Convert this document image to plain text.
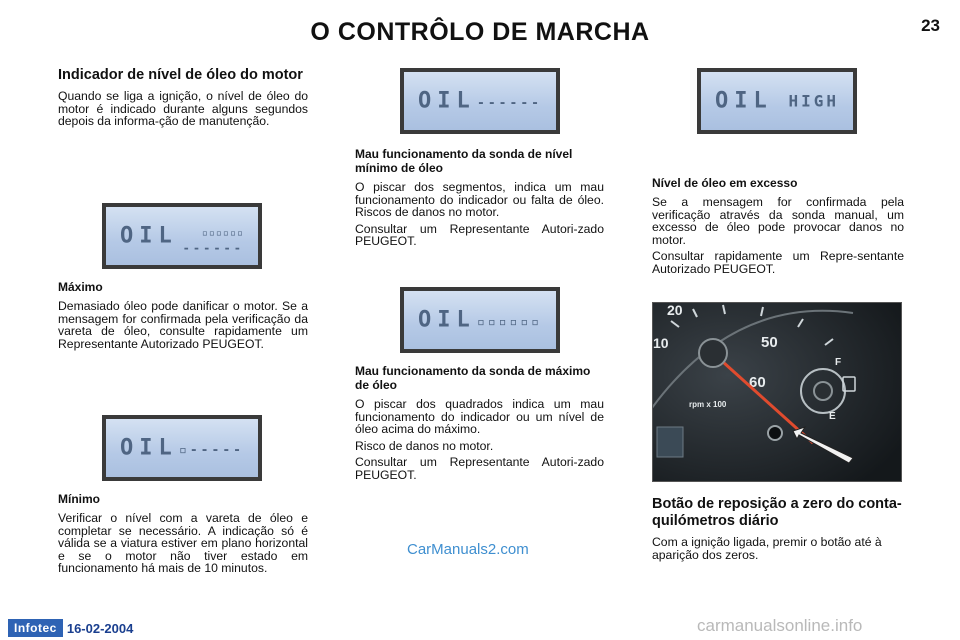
O CONTRÔLO DE MARCHA	23
Indicador de nível de óleo do motor
Quando se liga a ignição, o nível de óleo do motor é indicado durante alguns segundos depois da informa-ção de manutenção.
OIL ▫▫▫▫▫▫
------
Máximo
Demasiado óleo pode danificar o motor. Se a mensagem for confirmada pela verificação da vareta de óleo, consulte rapidamente um Representante Autorizado PEUGEOT.
OIL ▫-----
Mínimo
Verificar o nível com a vareta de óleo e completar se necessário. A indicação só é válida se a viatura estiver em plano horizontal e se o motor não tiver estado em funcionamento há mais de 10 minutos.
OIL ------
Mau funcionamento da sonda de nível mínimo de óleo
O piscar dos segmentos, indica um mau funcionamento do indicador ou falta de óleo. Riscos de danos no motor.
Consultar um Representante Autori-zado PEUGEOT.
OIL ▫▫▫▫▫▫
Mau funcionamento da sonda de máximo de óleo
O piscar dos quadrados indica um mau funcionamento do indicador ou um nível de óleo acima do máximo.
Risco de danos no motor.
Consultar um Representante Autori-zado PEUGEOT.
OIL HIGH
Nível de óleo em excesso
Se a mensagem for confirmada pela verificação através da sonda manual, um excesso de óleo pode provocar danos no motor.
Consultar rapidamente um Repre-sentante Autorizado PEUGEOT.
20
10	50
60
rpm x 100
F
E
Botão de reposição a zero do conta-quilómetros diário
Com a ignição ligada, premir o botão até à aparição dos zeros.
CarManuals2.com
Infotec 16-02-2004	carmanualsonline.info
